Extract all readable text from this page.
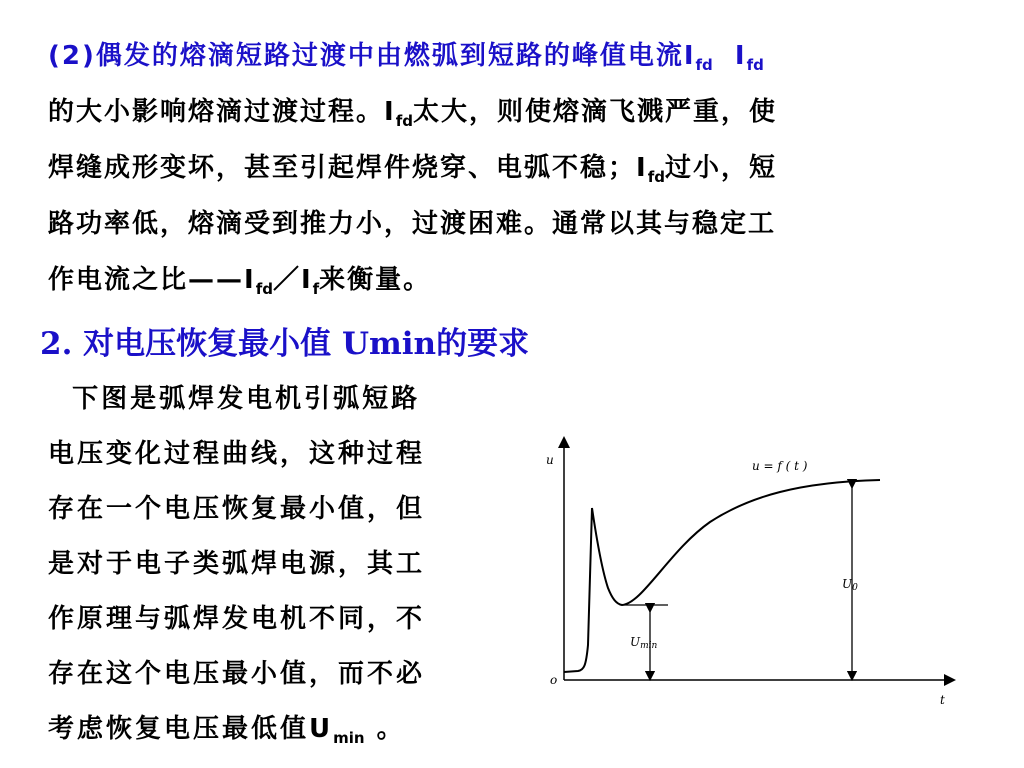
(2)偶发的熔滴短路过渡中由燃弧到短路的峰值电流$I_{fd}$  $I_{fd}$
的大小影响熔滴过渡过程。$I_{fd}$太大，则使熔滴飞溅严重，使
焊缝成形变坏，甚至引起焊件烧穿、电弧不稳；$I_{fd}$过小，短
路功率低，熔滴受到推力小，过渡困难。通常以其与稳定工
作电流之比$——I_{fd}/I_f$来衡量。
2. 对电压恢复最小值 Umin的要求
下图是弧焊发电机引弧短路
电压变化过程曲线，这种过程
存在一个电压恢复最小值，但
是对于电子类弧焊电源，其工
作原理与弧焊发电机不同，不
存在这个电压最小值，而不必
考虑恢复电压最低值$U_{min}$ 。
u
t
o
Umin
U0
u = f ( t )
